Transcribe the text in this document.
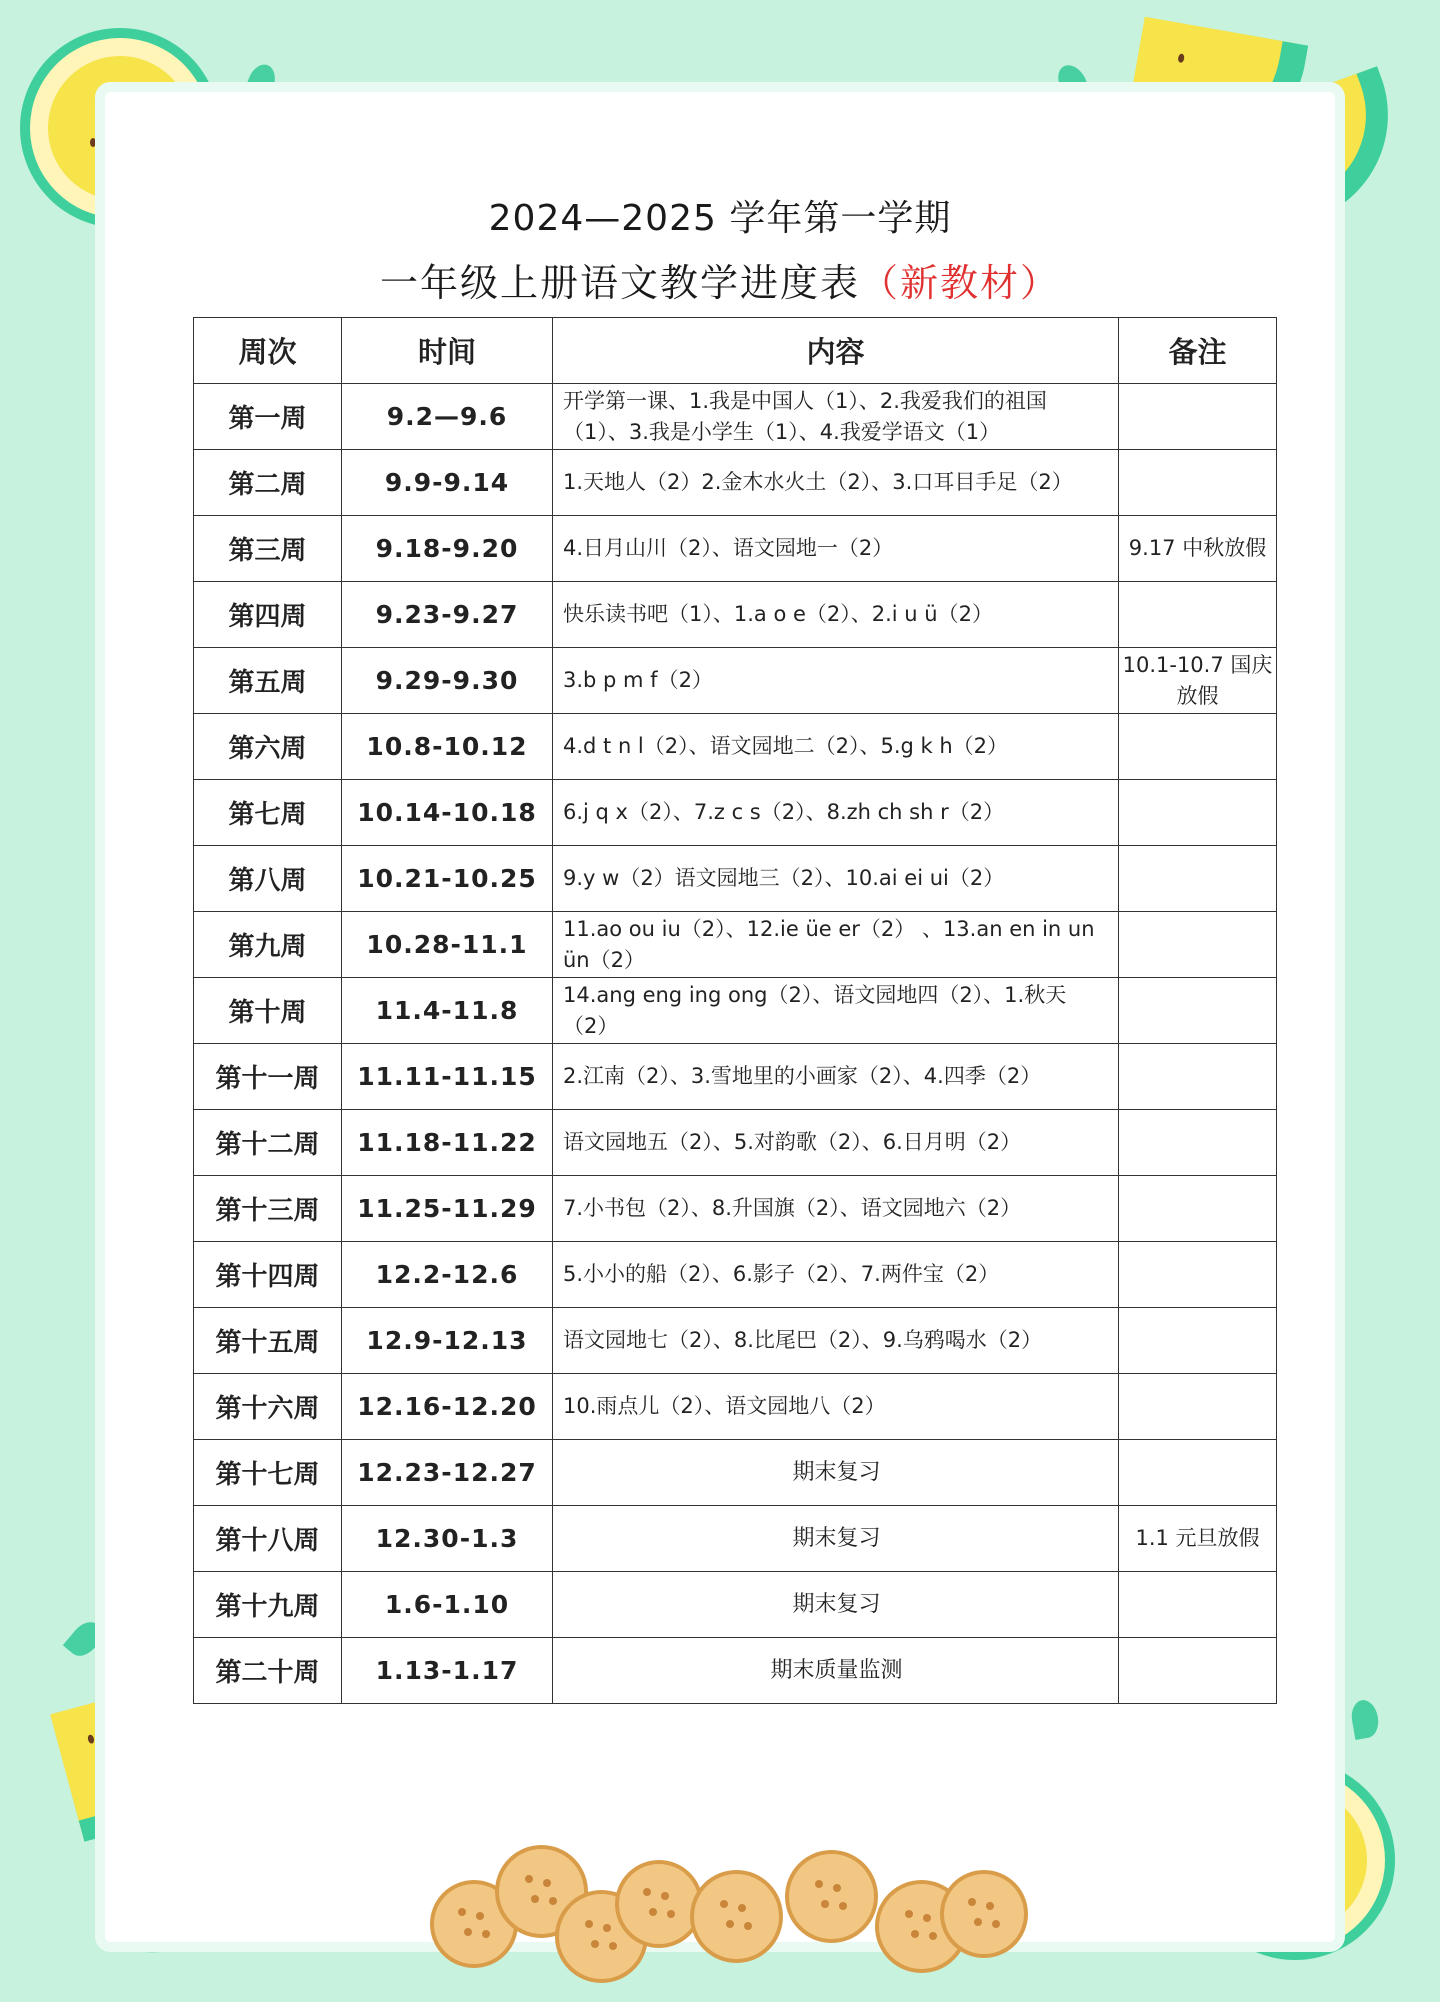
2024—2025 学年第一学期
一年级上册语文教学进度表（新教材）
周次	时间	内容	备注
第一周	9.2—9.6	开学第一课、1.我是中国人（1）、2.我爱我们的祖国（1）、3.我是小学生（1）、4.我爱学语文（1）	
第二周	9.9-9.14	1.天地人（2）2.金木水火土（2）、3.口耳目手足（2）	
第三周	9.18-9.20	4.日月山川（2）、语文园地一（2）	9.17 中秋放假
第四周	9.23-9.27	快乐读书吧（1）、1.a o e（2）、2.i u ü（2）	
第五周	9.29-9.30	3.b p m f（2）	10.1-10.7 国庆放假
第六周	10.8-10.12	4.d t n l（2）、语文园地二（2）、5.g k h（2）	
第七周	10.14-10.18	6.j q x（2）、7.z c s（2）、8.zh ch sh r（2）	
第八周	10.21-10.25	9.y w（2）语文园地三（2）、10.ai ei ui（2）	
第九周	10.28-11.1	11.ao ou iu（2）、12.ie üe er（2） 、13.an en in un ün（2）	
第十周	11.4-11.8	14.ang eng ing ong（2）、语文园地四（2）、1.秋天（2）	
第十一周	11.11-11.15	2.江南（2）、3.雪地里的小画家（2）、4.四季（2）	
第十二周	11.18-11.22	语文园地五（2）、5.对韵歌（2）、6.日月明（2）	
第十三周	11.25-11.29	7.小书包（2）、8.升国旗（2）、语文园地六（2）	
第十四周	12.2-12.6	5.小小的船（2）、6.影子（2）、7.两件宝（2）	
第十五周	12.9-12.13	语文园地七（2）、8.比尾巴（2）、9.乌鸦喝水（2）	
第十六周	12.16-12.20	10.雨点儿（2）、语文园地八（2）	
第十七周	12.23-12.27	期末复习	
第十八周	12.30-1.3	期末复习	1.1 元旦放假
第十九周	1.6-1.10	期末复习	
第二十周	1.13-1.17	期末质量监测	
